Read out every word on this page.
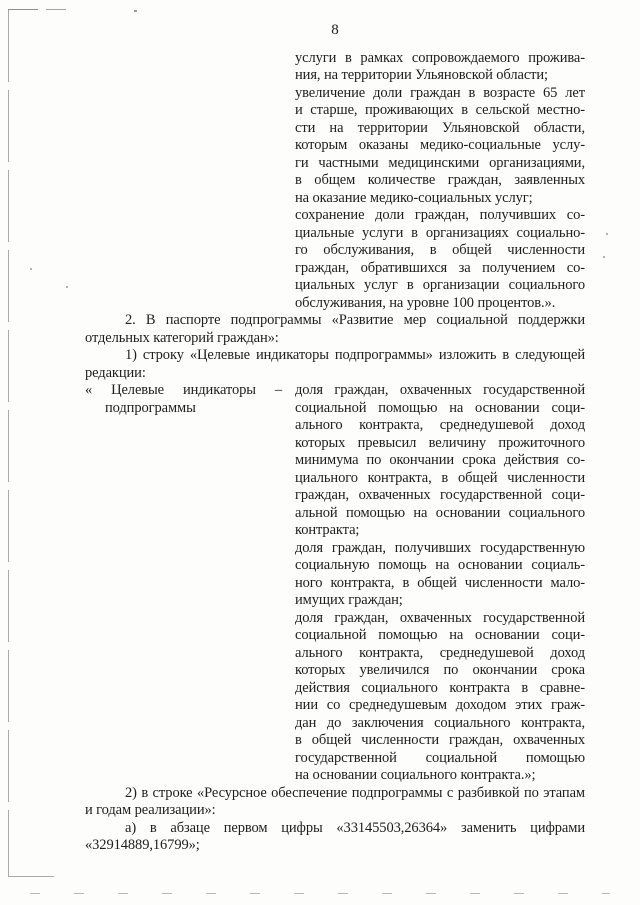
8
услуги в рамках сопровождаемого прожива-
ния, на территории Ульяновской области;
увеличение доли граждан в возрасте 65 лет
и старше, проживающих в сельской местно-
сти на территории Ульяновской области,
которым оказаны медико-социальные услу-
ги частными медицинскими организациями,
в общем количестве граждан, заявленных
на оказание медико-социальных услуг;
сохранение доли граждан, получивших со-
циальные услуги в организациях социально-
го обслуживания, в общей численности
граждан, обратившихся за получением со-
циальных услуг в организации социального
обслуживания, на уровне 100 процентов.».
2. В паспорте подпрограммы «Развитие мер социальной поддержки
отдельных категорий граждан»:
1) строку «Целевые индикаторы подпрограммы» изложить в следующей
редакции:
« Целевые индикаторы –
подпрограммы
доля граждан, охваченных государственной
социальной помощью на основании соци-
ального контракта, среднедушевой доход
которых превысил величину прожиточного
минимума по окончании срока действия со-
циального контракта, в общей численности
граждан, охваченных государственной соци-
альной помощью на основании социального
контракта;
доля граждан, получивших государственную
социальную помощь на основании социаль-
ного контракта, в общей численности мало-
имущих граждан;
доля граждан, охваченных государственной
социальной помощью на основании соци-
ального контракта, среднедушевой доход
которых увеличился по окончании срока
действия социального контракта в сравне-
нии со среднедушевым доходом этих граж-
дан до заключения социального контракта,
в общей численности граждан, охваченных
государственной социальной помощью
на основании социального контракта.»;
2) в строке «Ресурсное обеспечение подпрограммы с разбивкой по этапам
и годам реализации»:
а) в абзаце первом цифры «33145503,26364» заменить цифрами
«32914889,16799»;
